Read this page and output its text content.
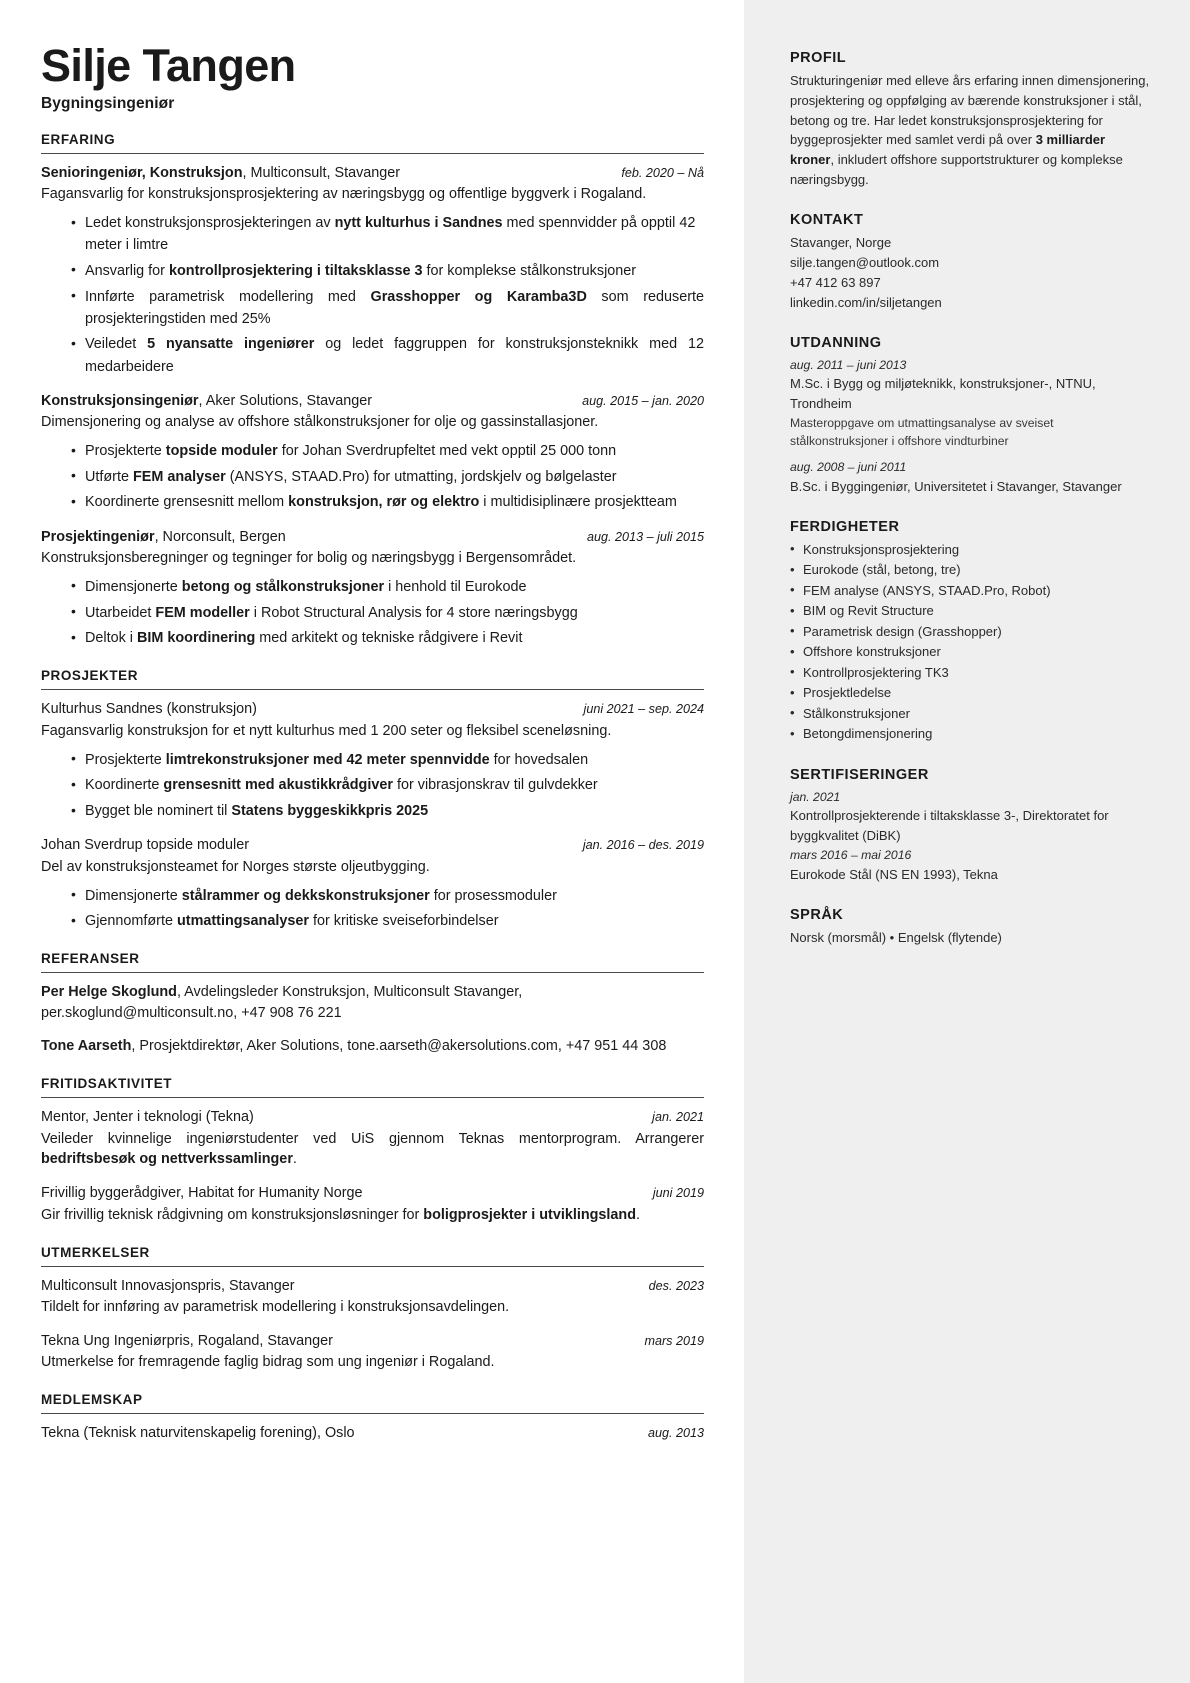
Silje Tangen
Bygningsingeniør
ERFARING
Senioringeniør, Konstruksjon, Multiconsult, Stavanger	feb. 2020 – Nå
Fagansvarlig for konstruksjonsprosjektering av næringsbygg og offentlige byggverk i Rogaland.
• Ledet konstruksjonsprosjekteringen av nytt kulturhus i Sandnes med spennvidder på opptil 42 meter i limtre
• Ansvarlig for kontrollprosjektering i tiltaksklasse 3 for komplekse stålkonstruksjoner
• Innførte parametrisk modellering med Grasshopper og Karamba3D som reduserte prosjekteringstiden med 25%
• Veiledet 5 nyansatte ingeniører og ledet faggruppen for konstruksjonsteknikk med 12 medarbeidere
Konstruksjonsingeniør, Aker Solutions, Stavanger	aug. 2015 – jan. 2020
Dimensjonering og analyse av offshore stålkonstruksjoner for olje og gassinstallasjoner.
• Prosjekterte topside moduler for Johan Sverdrupfeltet med vekt opptil 25 000 tonn
• Utførte FEM analyser (ANSYS, STAAD.Pro) for utmatting, jordskjelv og bølgelaster
• Koordinerte grensesnitt mellom konstruksjon, rør og elektro i multidisiplinære prosjektteam
Prosjektingeniør, Norconsult, Bergen	aug. 2013 – juli 2015
Konstruksjonsberegninger og tegninger for bolig og næringsbygg i Bergensområdet.
• Dimensjonerte betong og stålkonstruksjoner i henhold til Eurokode
• Utarbeidet FEM modeller i Robot Structural Analysis for 4 store næringsbygg
• Deltok i BIM koordinering med arkitekt og tekniske rådgivere i Revit
PROSJEKTER
Kulturhus Sandnes (konstruksjon)	juni 2021 – sep. 2024
Fagansvarlig konstruksjon for et nytt kulturhus med 1 200 seter og fleksibel sceneløsning.
• Prosjekterte limtrekonstruksjoner med 42 meter spennvidde for hovedsalen
• Koordinerte grensesnitt med akustikkrådgiver for vibrasjonskrav til gulvdekker
• Bygget ble nominert til Statens byggeskikkpris 2025
Johan Sverdrup topside moduler	jan. 2016 – des. 2019
Del av konstruksjonsteamet for Norges største oljeutbygging.
• Dimensjonerte stålrammer og dekkskonstruksjoner for prosessmoduler
• Gjennomførte utmattingsanalyser for kritiske sveiseforbindelser
REFERANSER
Per Helge Skoglund, Avdelingsleder Konstruksjon, Multiconsult Stavanger, per.skoglund@multiconsult.no, +47 908 76 221
Tone Aarseth, Prosjektdirektør, Aker Solutions, tone.aarseth@akersolutions.com, +47 951 44 308
FRITIDSAKTIVITET
Mentor, Jenter i teknologi (Tekna)	jan. 2021
Veileder kvinnelige ingeniørstudenter ved UiS gjennom Teknas mentorprogram. Arrangerer bedriftsbesøk og nettverkssamlinger.
Frivillig byggerådgiver, Habitat for Humanity Norge	juni 2019
Gir frivillig teknisk rådgivning om konstruksjonsløsninger for boligprosjekter i utviklingsland.
UTMERKELSER
Multiconsult Innovasjonspris, Stavanger	des. 2023
Tildelt for innføring av parametrisk modellering i konstruksjonsavdelingen.
Tekna Ung Ingeniørpris, Rogaland, Stavanger	mars 2019
Utmerkelse for fremragende faglig bidrag som ung ingeniør i Rogaland.
MEDLEMSKAP
Tekna (Teknisk naturvitenskapelig forening), Oslo	aug. 2013
PROFIL
Strukturingeniør med elleve års erfaring innen dimensjonering, prosjektering og oppfølging av bærende konstruksjoner i stål, betong og tre. Har ledet konstruksjonsprosjektering for byggeprosjekter med samlet verdi på over 3 milliarder kroner, inkludert offshore supportstrukturer og komplekse næringsbygg.
KONTAKT
Stavanger, Norge
silje.tangen@outlook.com
+47 412 63 897
linkedin.com/in/siljetangen
UTDANNING
aug. 2011 – juni 2013
M.Sc. i Bygg og miljøteknikk, konstruksjoner-, NTNU, Trondheim
Masteroppgave om utmattingsanalyse av sveiset stålkonstruksjoner i offshore vindturbiner
aug. 2008 – juni 2011
B.Sc. i Byggingeniør, Universitetet i Stavanger, Stavanger
FERDIGHETER
• Konstruksjonsprosjektering
• Eurokode (stål, betong, tre)
• FEM analyse (ANSYS, STAAD.Pro, Robot)
• BIM og Revit Structure
• Parametrisk design (Grasshopper)
• Offshore konstruksjoner
• Kontrollprosjektering TK3
• Prosjektledelse
• Stålkonstruksjoner
• Betongdimensjonering
SERTIFISERINGER
jan. 2021
Kontrollprosjekterende i tiltaksklasse 3-, Direktoratet for byggkvalitet (DiBK)
mars 2016 – mai 2016
Eurokode Stål (NS EN 1993), Tekna
SPRÅK
Norsk (morsmål) • Engelsk (flytende)
